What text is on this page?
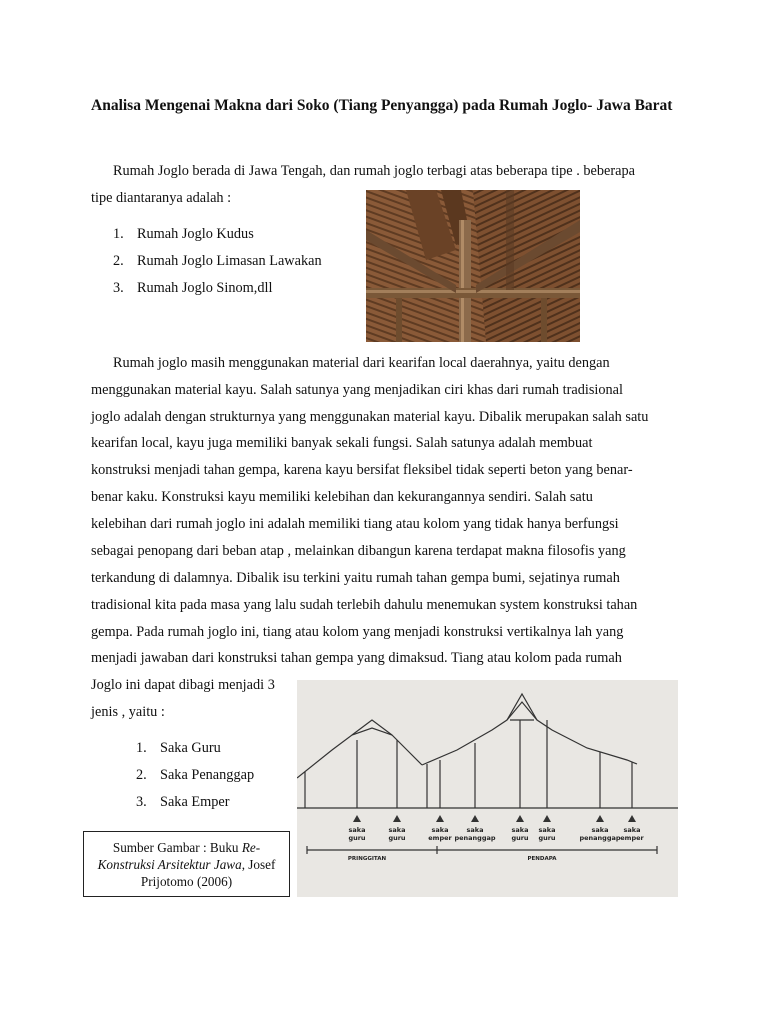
Analisa Mengenai Makna dari Soko (Tiang Penyangga) pada Rumah Joglo- Jawa Barat
Rumah Joglo berada di Jawa Tengah, dan rumah joglo terbagi atas beberapa tipe . beberapa
tipe diantaranya adalah :
1. Rumah Joglo Kudus
2. Rumah Joglo Limasan Lawakan
3. Rumah Joglo Sinom,dll
Rumah joglo masih menggunakan material dari kearifan local daerahnya, yaitu dengan
menggunakan material kayu. Salah satunya yang menjadikan ciri khas dari rumah tradisional
joglo adalah dengan strukturnya yang menggunakan material kayu. Dibalik merupakan salah satu
kearifan local, kayu juga memiliki banyak sekali fungsi. Salah satunya adalah membuat
konstruksi menjadi tahan gempa, karena kayu bersifat fleksibel tidak seperti beton yang benar-
benar kaku. Konstruksi kayu memiliki kelebihan dan kekurangannya sendiri. Salah satu
kelebihan dari rumah joglo ini adalah memiliki tiang atau kolom yang tidak hanya berfungsi
sebagai penopang dari beban atap , melainkan dibangun karena terdapat makna filosofis yang
terkandung di dalamnya. Dibalik isu terkini yaitu rumah tahan gempa bumi, sejatinya rumah
tradisional kita pada masa yang lalu sudah terlebih dahulu menemukan system konstruksi tahan
gempa. Pada rumah joglo ini, tiang atau kolom yang menjadi konstruksi vertikalnya lah yang
menjadi jawaban dari konstruksi tahan gempa yang dimaksud. Tiang atau kolom pada rumah
Joglo ini dapat dibagi menjadi 3
jenis , yaitu :
1. Saka Guru
2. Saka Penanggap
3. Saka Emper
saka
guru
saka
guru
saka
emper
saka
penanggap
saka
guru
saka
guru
saka
penanggap
saka
emper
PRINGGITAN	PENDAPA
Sumber Gambar : Buku Re-
Konstruksi Arsitektur Jawa, Josef
Prijotomo (2006)
